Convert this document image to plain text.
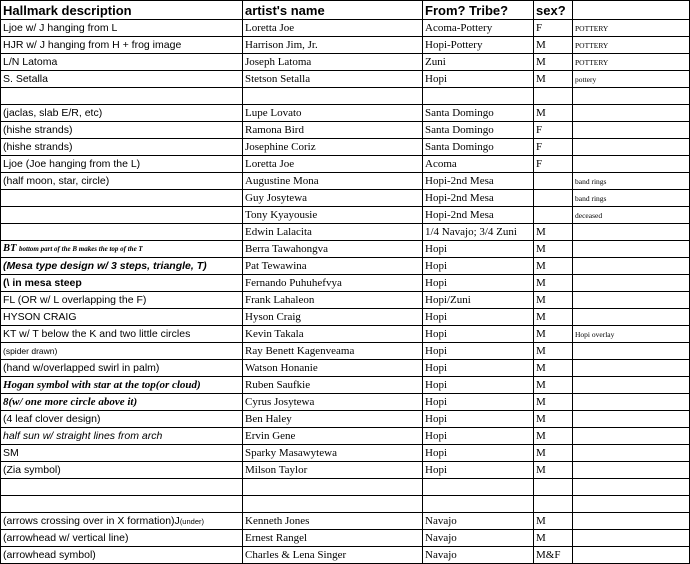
Hallmark description	artist's name	From? Tribe?	sex?	
Ljoe w/ J hanging from L	Loretta Joe	Acoma-Pottery	F	POTTERY
HJR w/ J hanging from H + frog image	Harrison Jim, Jr.	Hopi-Pottery	M	POTTERY
L/N Latoma	Joseph Latoma	Zuni	M	POTTERY
S. Setalla	Stetson Setalla	Hopi	M	pottery

(jaclas, slab E/R, etc)	Lupe Lovato	Santa Domingo	M	
(hishe strands)	Ramona Bird	Santa Domingo	F	
(hishe strands)	Josephine Coriz	Santa Domingo	F	
Ljoe (Joe hanging from the L)	Loretta Joe	Acoma	F	
(half moon, star, circle)	Augustine Mona	Hopi-2nd Mesa		band rings
	Guy Josytewa	Hopi-2nd Mesa		band rings
	Tony Kyayousie	Hopi-2nd Mesa		deceased
	Edwin Lalacita	1/4 Navajo; 3/4 Zuni	M	
BT bottom part of the B makes the top of the T	Berra Tawahongva	Hopi	M	
(Mesa type design w/ 3 steps, triangle, T)	Pat Tewawina	Hopi	M	
(\ in mesa steep	Fernando Puhuhefvya	Hopi	M	
FL (OR w/ L overlapping the F)	Frank Lahaleon	Hopi/Zuni	M	
HYSON CRAIG	Hyson Craig	Hopi	M	
KT w/ T below the K and two little circles	Kevin Takala	Hopi	M	Hopi overlay
(spider drawn)	Ray Benett Kagenveama	Hopi	M	
(hand w/overlapped swirl in palm)	Watson Honanie	Hopi	M	
Hogan symbol with star at the top(or cloud)	Ruben Saufkie	Hopi	M	
8(w/ one more circle above it)	Cyrus Josytewa	Hopi	M	
(4 leaf clover design)	Ben Haley	Hopi	M	
half sun w/ straight lines from arch	Ervin Gene	Hopi	M	
SM	Sparky Masawytewa	Hopi	M	
(Zia symbol)	Milson Taylor	Hopi	M	

(arrows crossing over in X formation)J(under)	Kenneth Jones	Navajo	M	
(arrowhead w/ vertical line)	Ernest Rangel	Navajo	M	
(arrowhead symbol)	Charles & Lena Singer	Navajo	M&F	
